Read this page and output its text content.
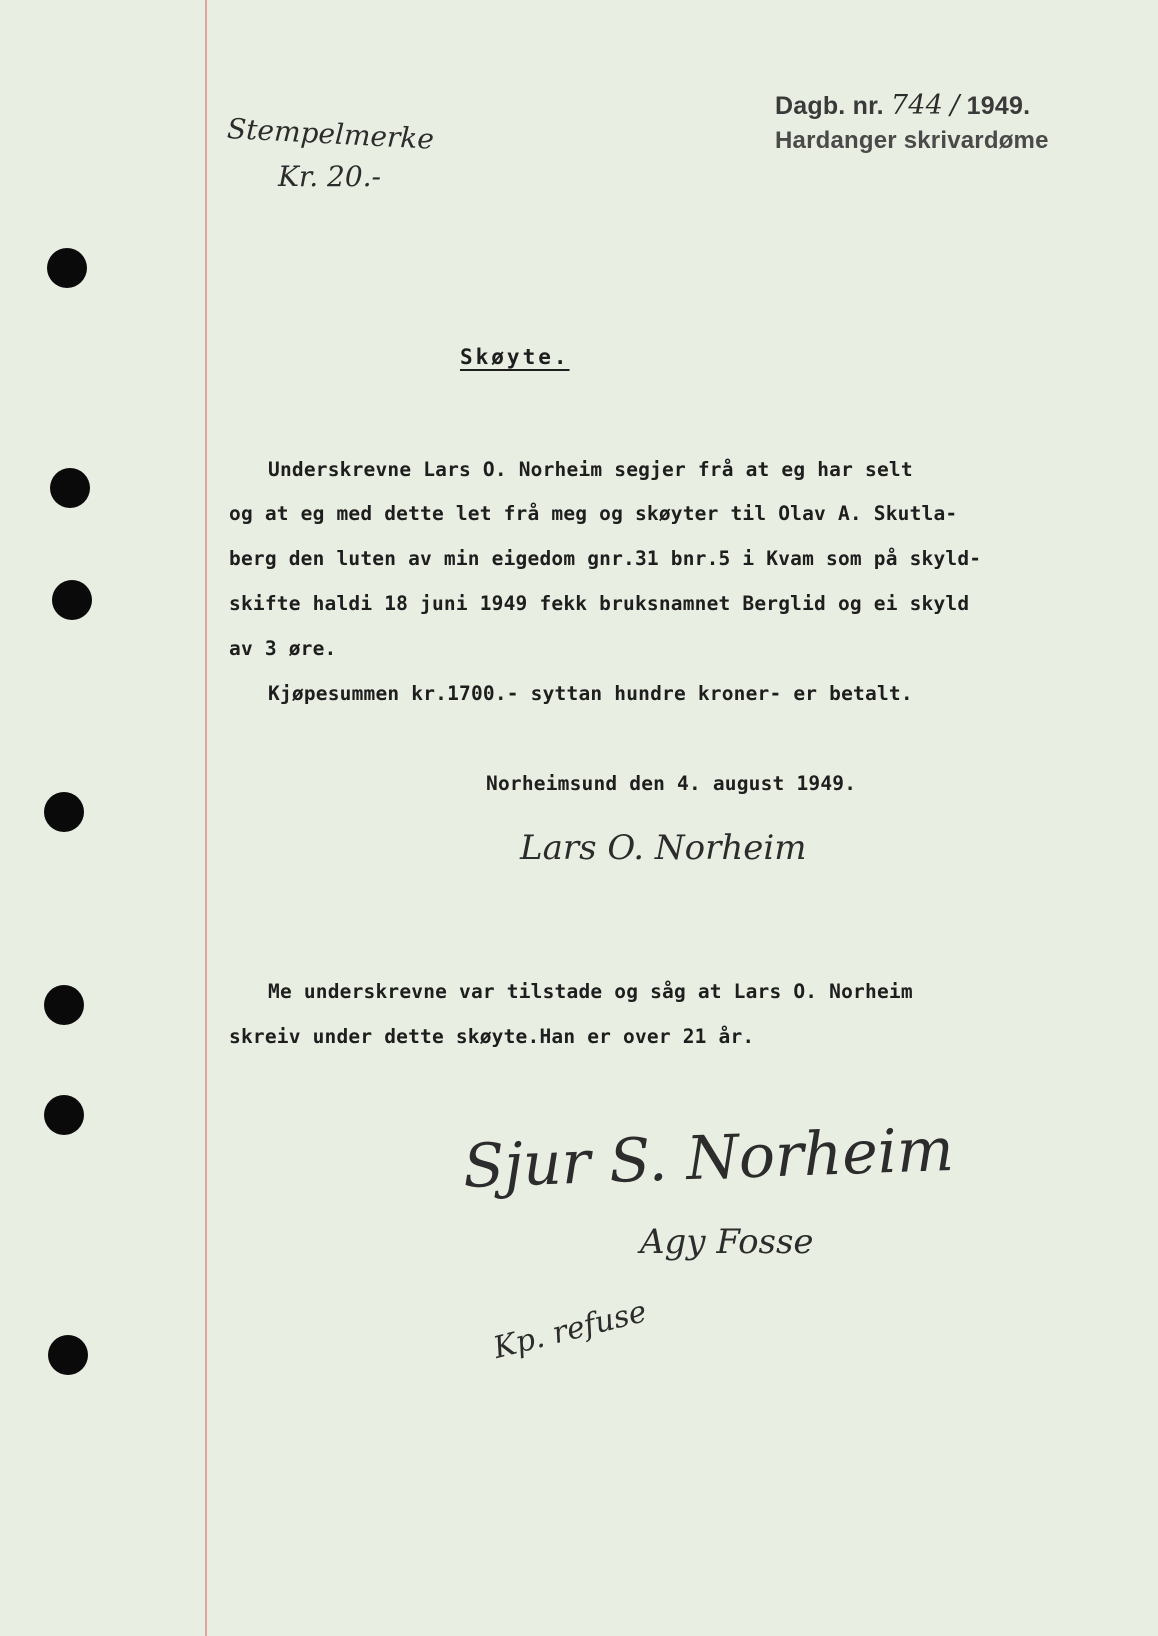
Stempelmerke
Kr. 20.-
Dagb. nr. 744 / 1949.
Hardanger skrivardøme
Skøyte.
Underskrevne Lars O. Norheim segjer frå at eg har selt
og at eg med dette let frå meg og skøyter til Olav A. Skutla-
berg den luten av min eigedom gnr.31 bnr.5 i Kvam som på skyld-
skifte haldi 18 juni 1949 fekk bruksnamnet Berglid og ei skyld
av 3 øre.
Kjøpesummen kr.1700.- syttan hundre kroner- er betalt.
Norheimsund den 4. august 1949.
Lars O. Norheim
Me underskrevne var tilstade og såg at Lars O. Norheim
skreiv under dette skøyte.Han er over 21 år.
Sjur S. Norheim
Agy Fosse
Kp. refuse
